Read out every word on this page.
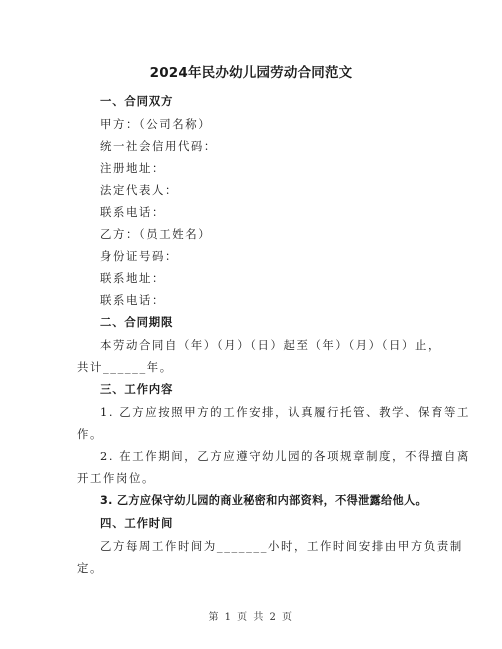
2024年民办幼儿园劳动合同范文
一、合同双方
甲方：（公司名称）
统一社会信用代码：
注册地址：
法定代表人：
联系电话：
乙方：（员工姓名）
身份证号码：
联系地址：
联系电话：
二、合同期限
本劳动合同自（年）（月）（日）起至（年）（月）（日）止，
共计______年。
三、工作内容
1. 乙方应按照甲方的工作安排，认真履行托管、教学、保育等工
作。
2. 在工作期间，乙方应遵守幼儿园的各项规章制度，不得擅自离
开工作岗位。
3. 乙方应保守幼儿园的商业秘密和内部资料，不得泄露给他人。
四、工作时间
乙方每周工作时间为_______小时，工作时间安排由甲方负责制
定。
第 1 页 共 2 页
